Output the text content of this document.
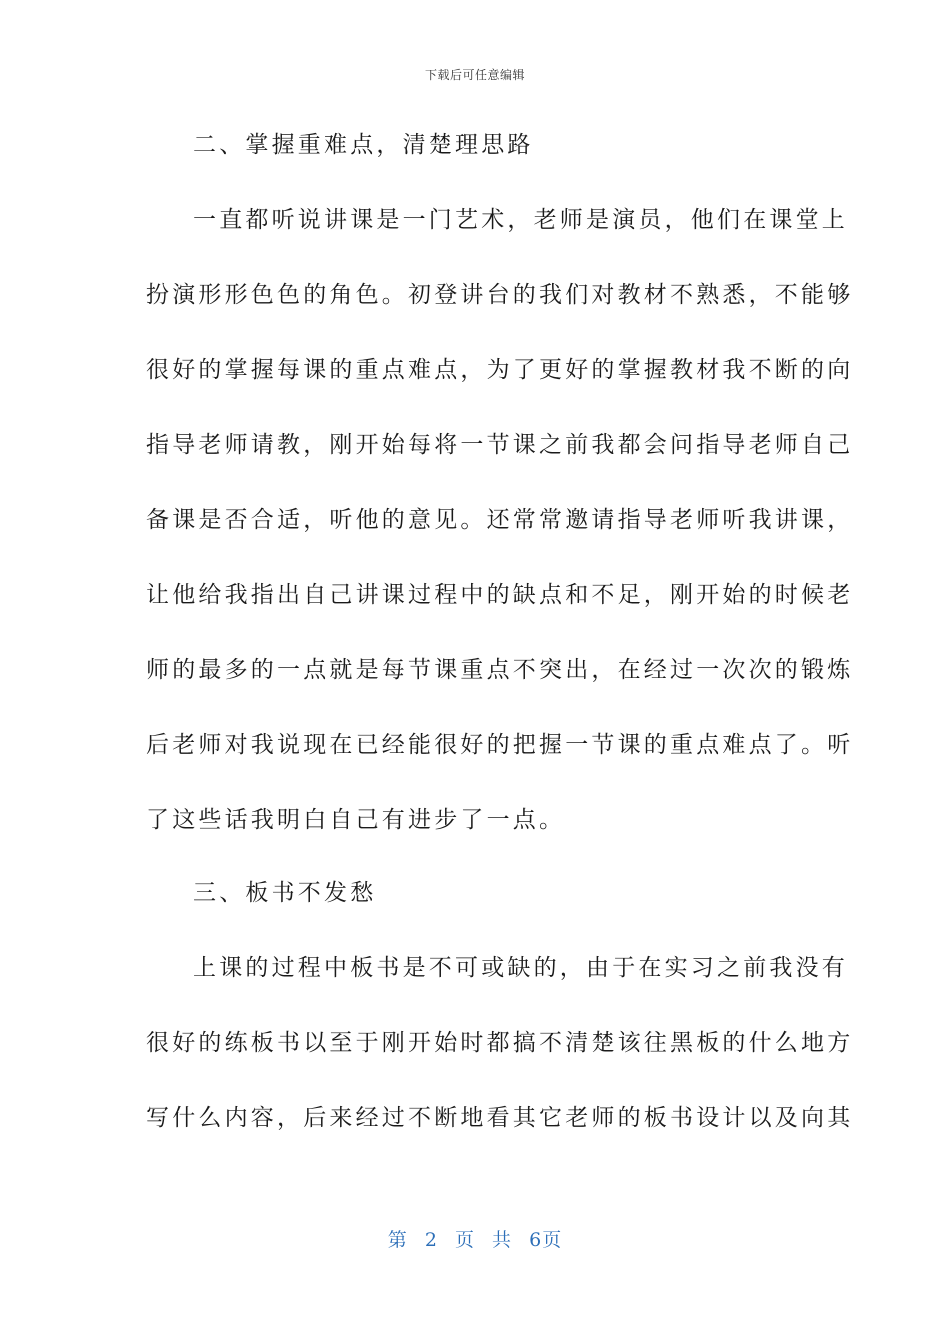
下载后可任意编辑
二、掌握重难点，清楚理思路
一直都听说讲课是一门艺术，老师是演员，他们在课堂上
扮演形形色色的角色。初登讲台的我们对教材不熟悉，不能够
很好的掌握每课的重点难点，为了更好的掌握教材我不断的向
指导老师请教，刚开始每将一节课之前我都会问指导老师自己
备课是否合适，听他的意见。还常常邀请指导老师听我讲课，
让他给我指出自己讲课过程中的缺点和不足，刚开始的时候老
师的最多的一点就是每节课重点不突出，在经过一次次的锻炼
后老师对我说现在已经能很好的把握一节课的重点难点了。听
了这些话我明白自己有进步了一点。
三、板书不发愁
上课的过程中板书是不可或缺的，由于在实习之前我没有
很好的练板书以至于刚开始时都搞不清楚该往黑板的什么地方
写什么内容，后来经过不断地看其它老师的板书设计以及向其
第 2 页 共 6页
